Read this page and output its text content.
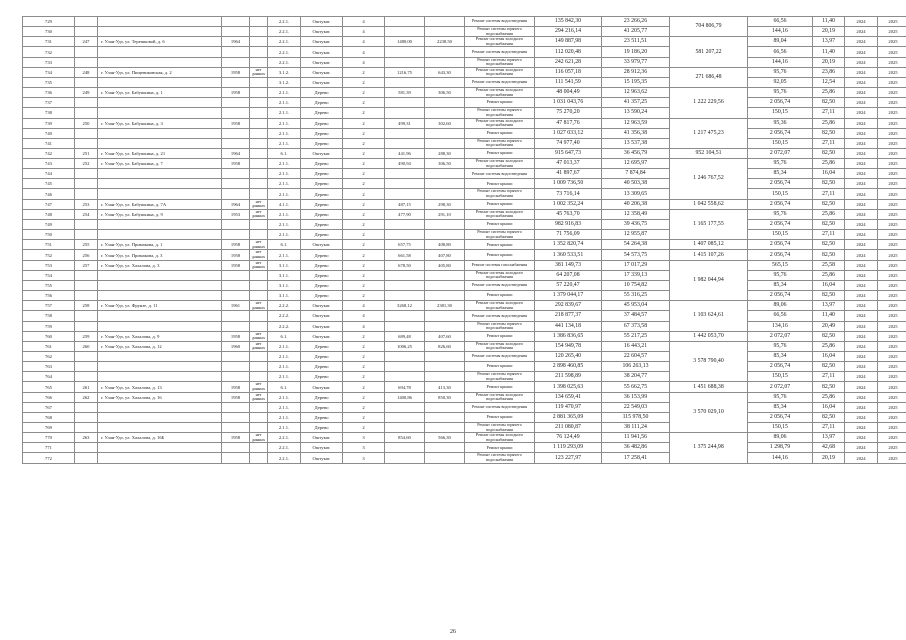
729					2.2.1.	Оштукат.	4			Ремонт системы водоотведения	135 842,30	23 266,26	704 806,79	66,56	11,40	2024	2025
730					2.2.1.	Оштукат.	4			Ремонт системы горячего водоснабжения	294 216,14	41 205,77		144,16	20,19	2024	2025
731	247	г. Улан-Удэ, ул. Терешковой, д. 6	1964		2.2.1.	Оштукат.	4	1480,00	2238,50	Ремонт системы холодного водоснабжения	149 887,98	23 511,51	581 207,22	89,04	13,97	2024	2025
732					2.2.1.	Оштукат.	4			Ремонт системы водоотведения	112 020,48	19 186,20		66,56	11,40	2024	2025
733					2.2.1.	Оштукат.	4			Ремонт системы горячего водоснабжения	242 621,28	33 979,77		144,16	20,19	2024	2025
734	248	г. Улан-Удэ, ул. Пищевиковская, д. 2	1958	нет данных	3.1.2.	Оштукат.	2	1216,75	643,30	Ремонт системы холодного водоснабжения	116 057,18	28 912,36	271 686,48	95,76	23,86	2024	2025
735					3.1.2.	Оштукат.	2			Ремонт системы водоотведения	111 541,59	15 195,35		92,05	12,54	2024	2025
736	249	г. Улан-Удэ, ул. Бабушкина, д. 1	1958		2.1.1.	Дерево	2	581,39	306,50	Ремонт системы холодного водоснабжения	48 004,49	12 963,62	1 222 229,56	95,76	25,86	2024	2025
737					2.1.1.	Дерево	2			Ремонт крыши	1 031 043,76	41 357,25		2 056,74	82,50	2024	2025
738					2.1.1.	Дерево	2			Ремонт системы горячего водоснабжения	75 270,20	13 590,24		150,15	27,11	2024	2025
739	250	г. Улан-Удэ, ул. Бабушкина, д. 3	1958		2.1.1.	Дерево	2	499,31	302,60	Ремонт системы холодного водоснабжения	47 817,76	12 963,59	1 217 475,23	95,36	25,86	2024	2025
740					2.1.1.	Дерево	2			Ремонт крыши	1 027 033,12	41 356,38		2 056,74	82,50	2024	2025
741					2.1.1.	Дерево	2			Ремонт системы горячего водоснабжения	74 977,40	13 537,38		150,15	27,11	2024	2025
742	251	г. Улан-Удэ, ул. Бабушкина, д. 21	1964		6.1.	Оштукат.	2	441,96	288,30	Ремонт крыши	915 647,73	36 456,79	952 104,51	2 072,07	82,50	2024	2025
743	252	г. Улан-Удэ, ул. Бабушкина, д. 7	1958		2.1.1.	Дерево	2	490,94	306,50	Ремонт системы холодного водоснабжения	47 013,37	12 695,97	1 246 767,52	95,76	25,86	2024	2025
744					2.1.1.	Дерево	2			Ремонт системы водоотведения	41 897,67	7 874,84		85,34	16,04	2024	2025
745					2.1.1.	Дерево	2			Ремонт крыши	1 009 736,50	40 503,38		2 056,74	82,50	2024	2025
746					2.1.1.	Дерево	2			Ремонт системы горячего водоснабжения	73 716,14	13 309,65		150,15	27,11	2024	2025
747	253	г. Улан-Удэ, ул. Бабушкина, д. 7А	1964	нет данных	4.1.1.	Дерево	2	487,15	298,30	Ремонт крыши	1 002 352,24	40 206,38	1 042 558,62	2 056,74	82,50	2024	2025
748	254	г. Улан-Удэ, ул. Бабушкина, д. 9	1953	нет данных	2.1.1.	Дерево	2	477,90	291,10	Ремонт системы холодного водоснабжения	45 763,70	12 358,49	1 165 177,55	95,76	25,86	2024	2025
749					2.1.1.	Дерево	2			Ремонт крыши	982 916,83	39 436,75		2 056,74	82,50	2024	2025
750					2.1.1.	Дерево	2			Ремонт системы горячего водоснабжения	71 756,09	12 955,87		150,15	27,11	2024	2025
751	255	г. Улан-Удэ, ул. Примакова, д. 1	1958	нет данных	6.1.	Оштукат.	2	657,75	408,80	Ремонт крыши	1 352 820,74	54 264,38	1 407 085,12	2 056,74	82,50	2024	2025
752	256	г. Улан-Удэ, ул. Примакова, д. 3	1958	нет данных	2.1.1.	Дерево	2	661,58	407,80	Ремонт крыши	1 360 533,51	54 573,75	1 415 107,26	2 056,74	82,50	2024	2025
753	257	г. Улан-Удэ, ул. Хахалова, д. 3	1958	нет данных	3.1.1.	Дерево	2	678,50	405,80	Ремонт системы газоснабжения	381 149,73	17 017,29	1 982 044,94	565,15	25,58	2024	2025
754					3.1.1.	Дерево	2			Ремонт системы холодного водоснабжения	64 207,08	17 339,13		95,76	25,86	2024	2025
755					3.1.1.	Дерево	2			Ремонт системы водоотведения	57 220,47	10 754,82		85,34	16,04	2024	2025
756					3.1.1.	Дерево	2			Ремонт крыши	1 379 044,17	55 316,25		2 056,74	82,50	2024	2025
757	258	г. Улан-Удэ, ул. Фрунзе, д. 11	1961	нет данных	2.2.2.	Оштукат.	4	3268,12	2381,30	Ремонт системы холодного водоснабжения	292 839,67	45 953,04	1 103 624,61	89,06	13,97	2024	2025
758					2.2.2.	Оштукат.	4			Ремонт системы водоотведения	218 877,37	37 484,57		66,56	11,40	2024	2025
759					2.2.2.	Оштукат.	4			Ремонт системы горячего водоснабжения	441 134,18	67 373,58		134,16	20,49	2024	2025
760	259	г. Улан-Удэ, ул. Хахалова, д. 9	1958	нет данных	6.1.	Оштукат.	2	689,48	407,60	Ремонт крыши	1 386 836,65	55 217,25	1 442 053,70	2 072,07	82,50	2024	2025
761	260	г. Улан-Удэ, ул. Хахалова, д. 12	1960	нет данных	2.1.1.	Дерево	2	1006,25	826,60	Ремонт системы холодного водоснабжения	154 949,78	16 443,21	3 578 790,40	95,76	25,86	2024	2025
762					2.1.1.	Дерево	2			Ремонт системы водоотведения	120 265,40	22 604,57		85,34	16,04	2024	2025
763					2.1.1.	Дерево	2			Ремонт крыши	2 898 460,85	106 263,13		2 056,74	82,50	2024	2025
764					2.1.1.	Дерево	2			Ремонт системы горячего водоснабжения	211 598,89	38 204,77		150,15	27,11	2024	2025
765	261	г. Улан-Удэ, ул. Хахалова, д. 13	1958	нет данных	6.1.	Оштукат.	2	694,78	413,30	Ремонт крыши	1 398 025,63	55 662,75	1 451 688,38	2 072,07	82,50	2024	2025
766	262	г. Улан-Удэ, ул. Хахалова, д. 16	1958	нет данных	2.1.1.	Дерево	2	1400,86	850,30	Ремонт системы холодного водоснабжения	134 659,41	36 153,99	3 570 029,10	95,76	25,86	2024	2025
767					2.1.1.	Дерево	2			Ремонт системы водоотведения	119 470,97	22 549,03		85,34	16,04	2024	2025
768					2.1.1.	Дерево	2			Ремонт крыши	2 881 365,09	115 978,50		2 056,74	82,50	2024	2025
769					2.1.1.	Дерево	2			Ремонт системы горячего водоснабжения	211 080,87	38 111,24		150,15	27,11	2024	2025
770	263	г. Улан-Удэ, ул. Хахалова, д. 16Б	1958	нет данных	2.2.1.	Оштукат.	3	854,60	566,30	Ремонт системы холодного водоснабжения	76 124,49	11 941,56	1 375 244,98	89,06	13,97	2024	2025
771					2.2.1.	Оштукат.	3			Ремонт крыши	1 119 293,09	36 482,86		1 298,79	42,68	2024	2025
772					2.2.1.	Оштукат.	3			Ремонт системы горячего водоснабжения	123 227,97	17 258,41		144,16	20,19	2024	2025
26
